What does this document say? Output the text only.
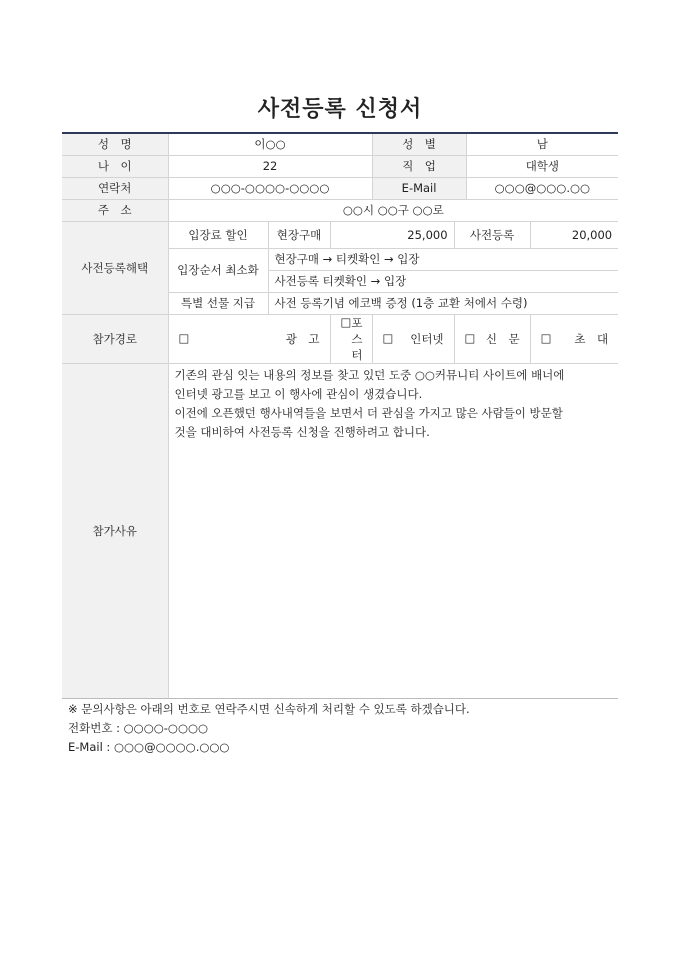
사전등록 신청서
성　명	이○○			성　별		남	
나　이	22			직　업		대학생	
연락처	○○○-○○○○-○○○○			E-Mail		○○○@○○○.○○	
주　소	○○시 ○○구 ○○로						
사전등록해택	입장료 할인	현장구매	25,000		사전등록		20,000
	입장순서 최소화	현장구매 → 티켓확인 → 입장					
		사전등록 티켓확인 → 입장					
	특별 선물 지급	사전 등록기념 에코백 증정 (1층 교환 처에서 수령)					
참가경로	□ 광　고		□ 포스터	□ 인터넷	□ 신　문		□ 초　대

참가사유	기존의 관심 잇는 내용의 정보를 찾고 있던 도중 ○○커뮤니티 사이트에 배너에

인터넷 광고를 보고 이 행사에 관심이 생겼습니다.

이전에 오픈했던 행사내역들을 보면서 더 관심을 가지고 많은 사람들이 방문할

것을 대비하여 사전등록 신청을 진행하려고 합니다.						

※ 문의사항은 아래의 번호로 연락주시면 신속하게 처리할 수 있도록 하겠습니다.

전화번호 : ○○○○-○○○○

E-Mail : ○○○@○○○○.○○○
